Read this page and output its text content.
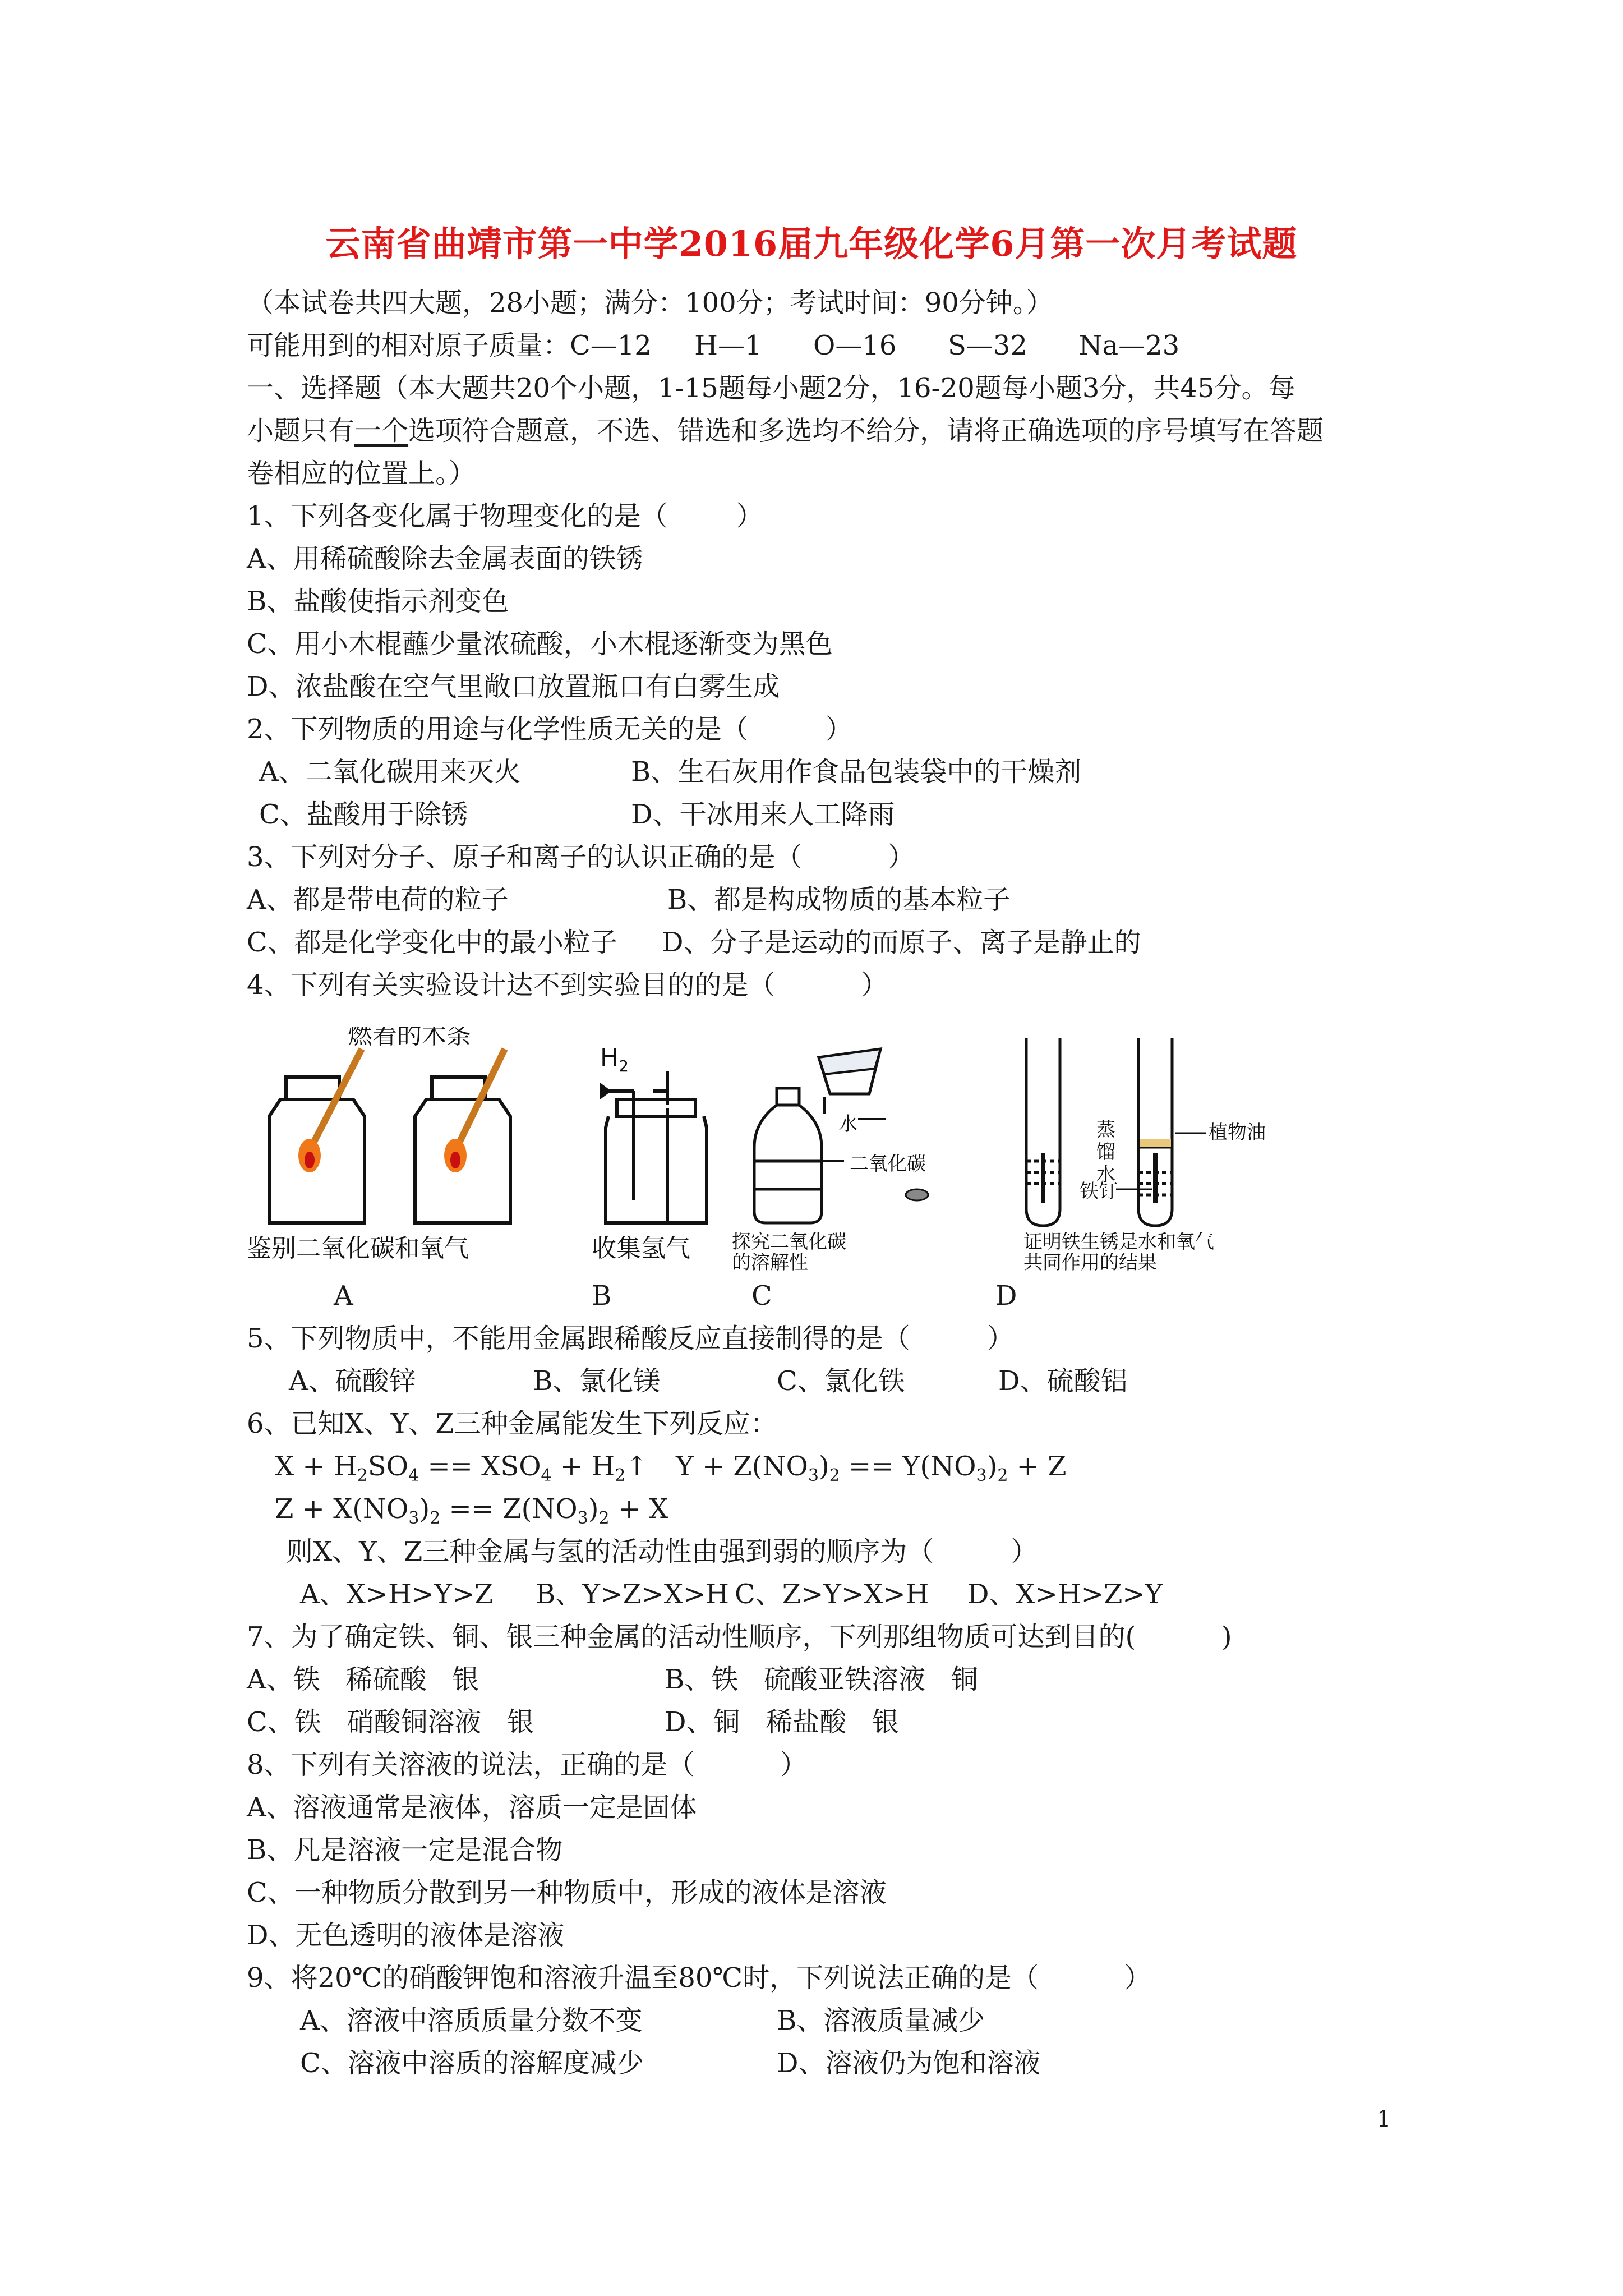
云南省曲靖市第一中学2016届九年级化学6月第一次月考试题
（本试卷共四大题，28小题；满分：100分；考试时间：90分钟。）
可能用到的相对原子质量：C—12     H—1      O—16      S—32      Na—23
一、选择题（本大题共20个小题，1-15题每小题2分，16-20题每小题3分，共45分。每
小题只有一个选项符合题意，不选、错选和多选均不给分，请将正确选项的序号填写在答题
卷相应的位置上。）
1、下列各变化属于物理变化的是（        ）
A、用稀硫酸除去金属表面的铁锈
B、盐酸使指示剂变色
C、用小木棍蘸少量浓硫酸，小木棍逐渐变为黑色
D、浓盐酸在空气里敞口放置瓶口有白雾生成
2、下列物质的用途与化学性质无关的是（         ）
A、二氧化碳用来灭火	B、生石灰用作食品包装袋中的干燥剂
C、盐酸用于除锈	D、干冰用来人工降雨
3、下列对分子、原子和离子的认识正确的是（          ）
A、都是带电荷的粒子	B、都是构成物质的基本粒子
C、都是化学变化中的最小粒子 D、分子是运动的而原子、离子是静止的
4、下列有关实验设计达不到实验目的的是（          ）
燃着的木条
鉴别二氧化碳和氧气
$H_2$
收集氢气
水
二氧化碳
探究二氧化碳
的溶解性
蒸
馏
水
植物油
铁钉
证明铁生锈是水和氧气
共同作用的结果
A	B	C	D
5、下列物质中，不能用金属跟稀酸反应直接制得的是（         ）
A、硫酸锌	B、氯化镁	C、氯化铁	D、硫酸铝
6、已知X、Y、Z三种金属能发生下列反应：
$X + H_2SO_4 == XSO_4$ + $H_2↑$ $Y + Z(NO_3)_2 == Y(NO_3)_2 + Z$
$Z + X(NO_3)_2 == Z(NO_3)_2 + X$
则X、Y、Z三种金属与氢的活动性由强到弱的顺序为（         ）
A、X>H>Y>Z B、Y>Z>X>H C、Z>Y>X>H D、X>H>Z>Y
7、为了确定铁、铜、银三种金属的活动性顺序，下列那组物质可达到目的(          )
A、铁   稀硫酸   银	B、铁   硫酸亚铁溶液   铜
C、铁   硝酸铜溶液   银	D、铜   稀盐酸   银
8、下列有关溶液的说法，正确的是（          ）
A、溶液通常是液体，溶质一定是固体
B、凡是溶液一定是混合物
C、一种物质分散到另一种物质中，形成的液体是溶液
D、无色透明的液体是溶液
9、将20℃的硝酸钾饱和溶液升温至80℃时，下列说法正确的是（          ）
A、溶液中溶质质量分数不变	B、溶液质量减少
C、溶液中溶质的溶解度减少	D、溶液仍为饱和溶液
1
